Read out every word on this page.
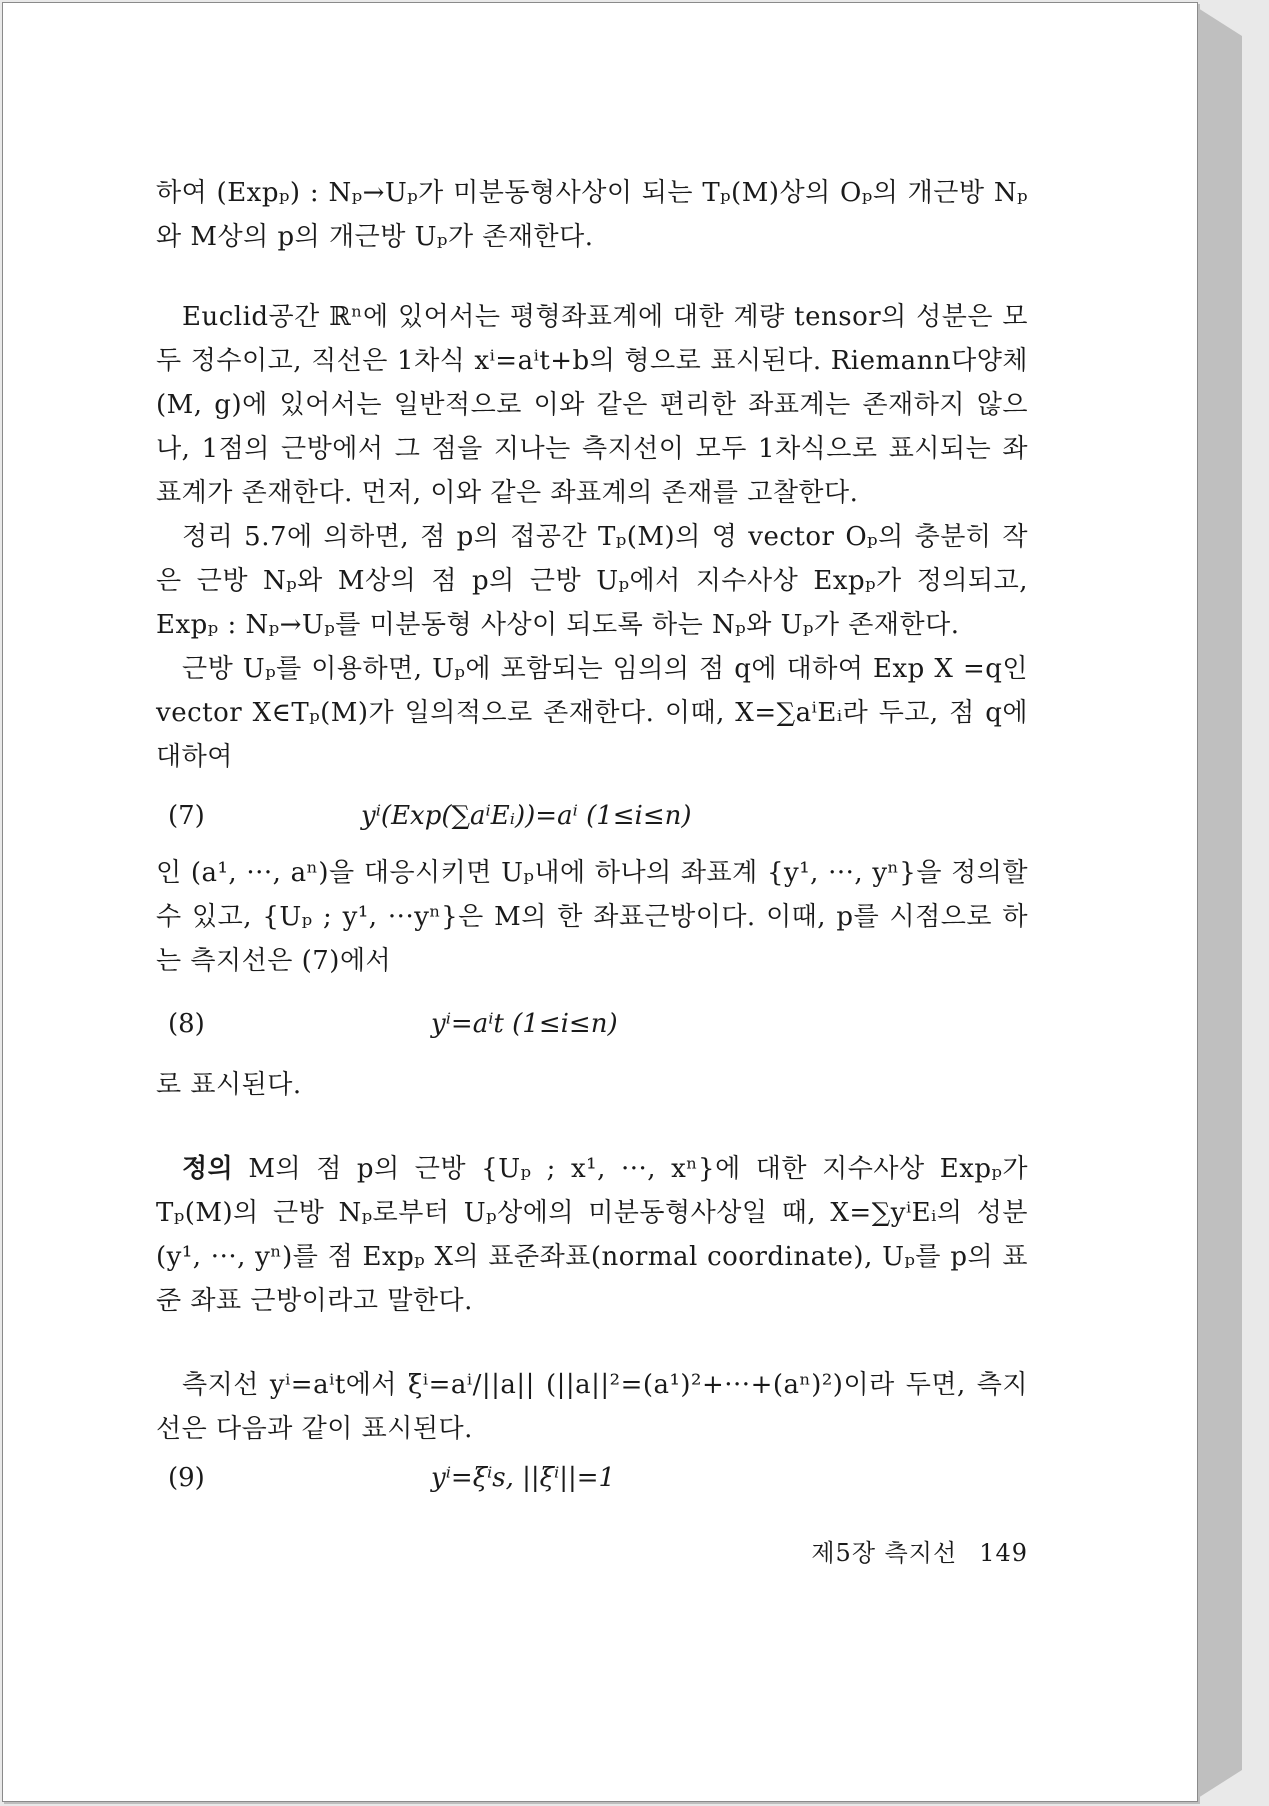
하여 (Expₚ) : Nₚ→Uₚ가 미분동형사상이 되는 Tₚ(M)상의 Oₚ의 개근방 Nₚ와 M상의 p의 개근방 Uₚ가 존재한다.

Euclid공간 ℝⁿ에 있어서는 평형좌표계에 대한 계량 tensor의 성분은 모두 정수이고, 직선은 1차식 xⁱ=aⁱt+b의 형으로 표시된다. Riemann다양체 (M, g)에 있어서는 일반적으로 이와 같은 편리한 좌표계는 존재하지 않으나, 1점의 근방에서 그 점을 지나는 측지선이 모두 1차식으로 표시되는 좌표계가 존재한다. 먼저, 이와 같은 좌표계의 존재를 고찰한다.

정리 5.7에 의하면, 점 p의 접공간 Tₚ(M)의 영 vector Oₚ의 충분히 작은 근방 Nₚ와 M상의 점 p의 근방 Uₚ에서 지수사상 Expₚ가 정의되고, Expₚ : Nₚ→Uₚ를 미분동형 사상이 되도록 하는 Nₚ와 Uₚ가 존재한다.

근방 Uₚ를 이용하면, Uₚ에 포함되는 임의의 점 q에 대하여 Exp X =q인 vector X∈Tₚ(M)가 일의적으로 존재한다. 이때, X=∑aⁱEᵢ라 두고, 점 q에 대하여

(7)	yⁱ(Exp(∑aⁱEᵢ))=aⁱ (1≤i≤n)

인 (a¹, ···, aⁿ)을 대응시키면 Uₚ내에 하나의 좌표계 {y¹, ···, yⁿ}을 정의할 수 있고, {Uₚ ; y¹, ···yⁿ}은 M의 한 좌표근방이다. 이때, p를 시점으로 하는 측지선은 (7)에서

(8)	yⁱ=aⁱt (1≤i≤n)

로 표시된다.

정의 M의 점 p의 근방 {Uₚ ; x¹, ···, xⁿ}에 대한 지수사상 Expₚ가 Tₚ(M)의 근방 Nₚ로부터 Uₚ상에의 미분동형사상일 때, X=∑yⁱEᵢ의 성분 (y¹, ···, yⁿ)를 점 Expₚ X의 표준좌표(normal coordinate), Uₚ를 p의 표준 좌표 근방이라고 말한다.

측지선 yⁱ=aⁱt에서 ξⁱ=aⁱ/||a|| (||a||²=(a¹)²+···+(aⁿ)²)이라 두면, 측지선은 다음과 같이 표시된다.

(9)	yⁱ=ξⁱs, ||ξⁱ||=1
제5장 측지선 149
